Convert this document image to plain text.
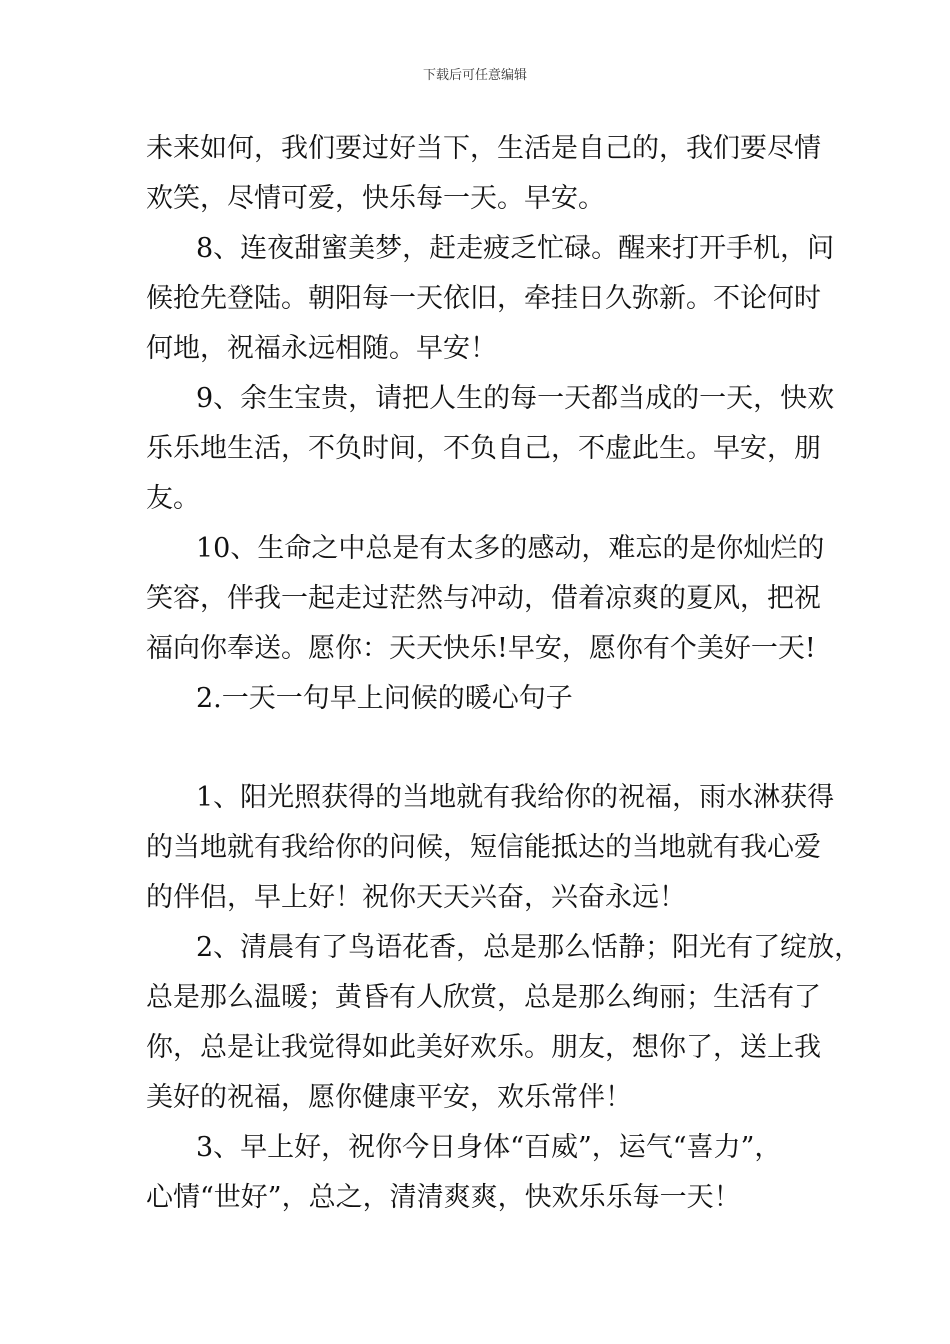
下载后可任意编辑
未来如何，我们要过好当下，生活是自己的，我们要尽情
欢笑，尽情可爱，快乐每一天。早安。
8、连夜甜蜜美梦，赶走疲乏忙碌。醒来打开手机，问
候抢先登陆。朝阳每一天依旧，牵挂日久弥新。不论何时
何地，祝福永远相随。早安！
9、余生宝贵，请把人生的每一天都当成的一天，快欢
乐乐地生活，不负时间，不负自己，不虚此生。早安，朋
友。
10、生命之中总是有太多的感动，难忘的是你灿烂的
笑容，伴我一起走过茫然与冲动，借着凉爽的夏风，把祝
福向你奉送。愿你：天天快乐!早安，愿你有个美好一天!
2.一天一句早上问候的暖心句子
1、阳光照获得的当地就有我给你的祝福，雨水淋获得
的当地就有我给你的问候，短信能抵达的当地就有我心爱
的伴侣，早上好！祝你天天兴奋，兴奋永远！
2、清晨有了鸟语花香，总是那么恬静；阳光有了绽放，
总是那么温暖；黄昏有人欣赏，总是那么绚丽；生活有了
你，总是让我觉得如此美好欢乐。朋友，想你了，送上我
美好的祝福，愿你健康平安，欢乐常伴！
3、早上好，祝你今日身体“百威”，运气“喜力”，
心情“世好”，总之，清清爽爽，快欢乐乐每一天！
